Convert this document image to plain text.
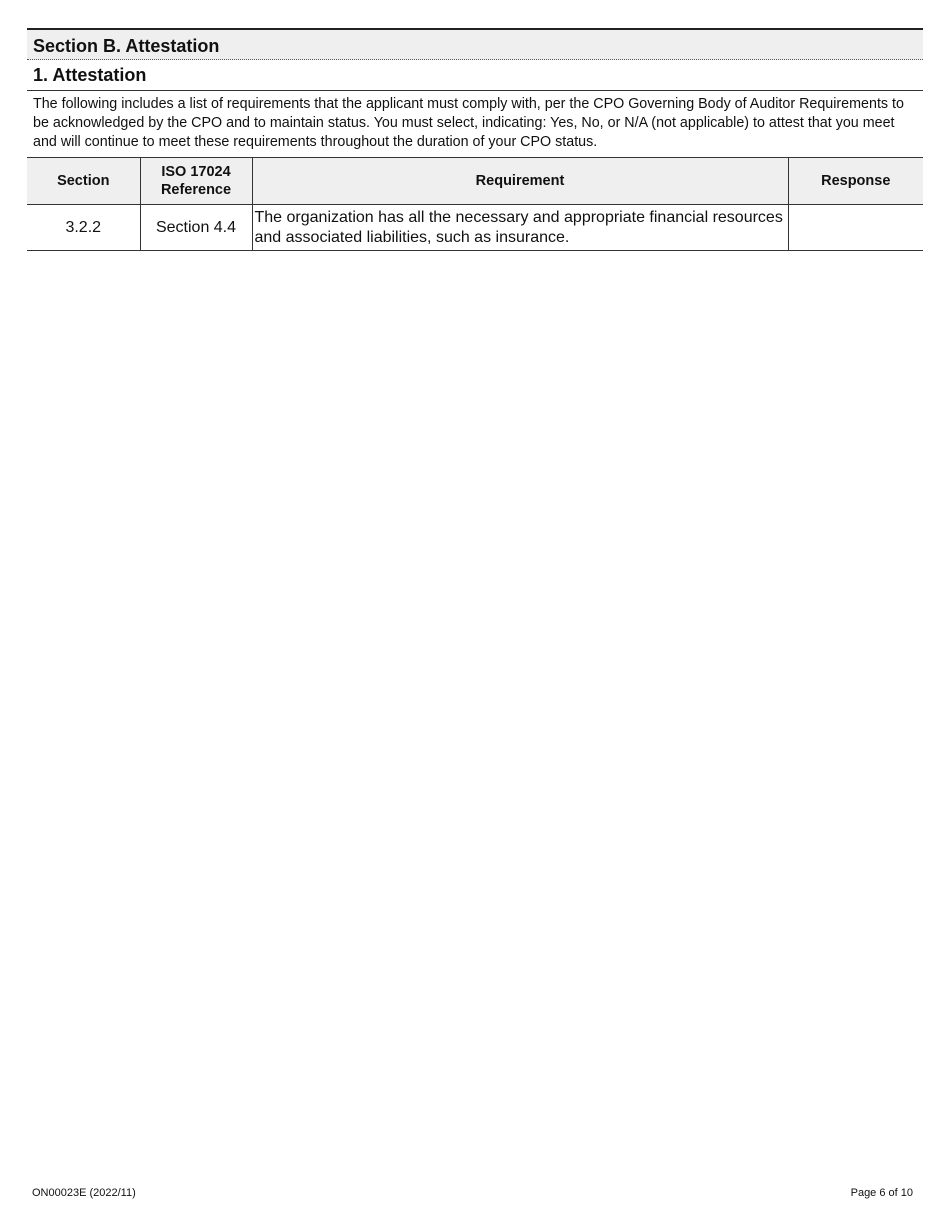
Section B. Attestation
1. Attestation
The following includes a list of requirements that the applicant must comply with, per the CPO Governing Body of Auditor Requirements to be acknowledged by the CPO and to maintain status. You must select, indicating: Yes, No, or N/A (not applicable) to attest that you meet and will continue to meet these requirements throughout the duration of your CPO status.
Section	ISO 17024 Reference	Requirement	Response
3.2.2	Section 4.4	The organization has all the necessary and appropriate financial resources and associated liabilities, such as insurance.	
ON00023E (2022/11)	Page 6 of 10
